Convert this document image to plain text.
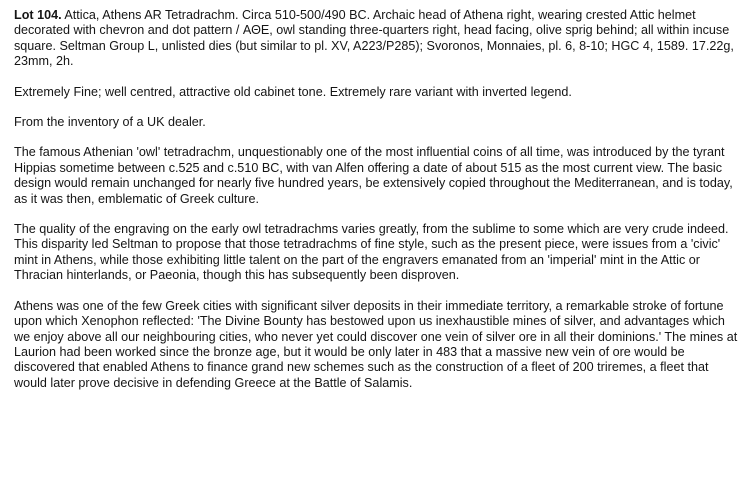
Lot 104. Attica, Athens AR Tetradrachm. Circa 510-500/490 BC. Archaic head of Athena right, wearing crested Attic helmet decorated with chevron and dot pattern / ΑΘΕ, owl standing three-quarters right, head facing, olive sprig behind; all within incuse square. Seltman Group L, unlisted dies (but similar to pl. XV, A223/P285); Svoronos, Monnaies, pl. 6, 8-10; HGC 4, 1589. 17.22g, 23mm, 2h.

Extremely Fine; well centred, attractive old cabinet tone. Extremely rare variant with inverted legend.

From the inventory of a UK dealer.

The famous Athenian 'owl' tetradrachm, unquestionably one of the most influential coins of all time, was introduced by the tyrant Hippias sometime between c.525 and c.510 BC, with van Alfen offering a date of about 515 as the most current view. The basic design would remain unchanged for nearly five hundred years, be extensively copied throughout the Mediterranean, and is today, as it was then, emblematic of Greek culture.

The quality of the engraving on the early owl tetradrachms varies greatly, from the sublime to some which are very crude indeed. This disparity led Seltman to propose that those tetradrachms of fine style, such as the present piece, were issues from a 'civic' mint in Athens, while those exhibiting little talent on the part of the engravers emanated from an 'imperial' mint in the Attic or Thracian hinterlands, or Paeonia, though this has subsequently been disproven.

Athens was one of the few Greek cities with significant silver deposits in their immediate territory, a remarkable stroke of fortune upon which Xenophon reflected: 'The Divine Bounty has bestowed upon us inexhaustible mines of silver, and advantages which we enjoy above all our neighbouring cities, who never yet could discover one vein of silver ore in all their dominions.' The mines at Laurion had been worked since the bronze age, but it would be only later in 483 that a massive new vein of ore would be discovered that enabled Athens to finance grand new schemes such as the construction of a fleet of 200 triremes, a fleet that would later prove decisive in defending Greece at the Battle of Salamis.
